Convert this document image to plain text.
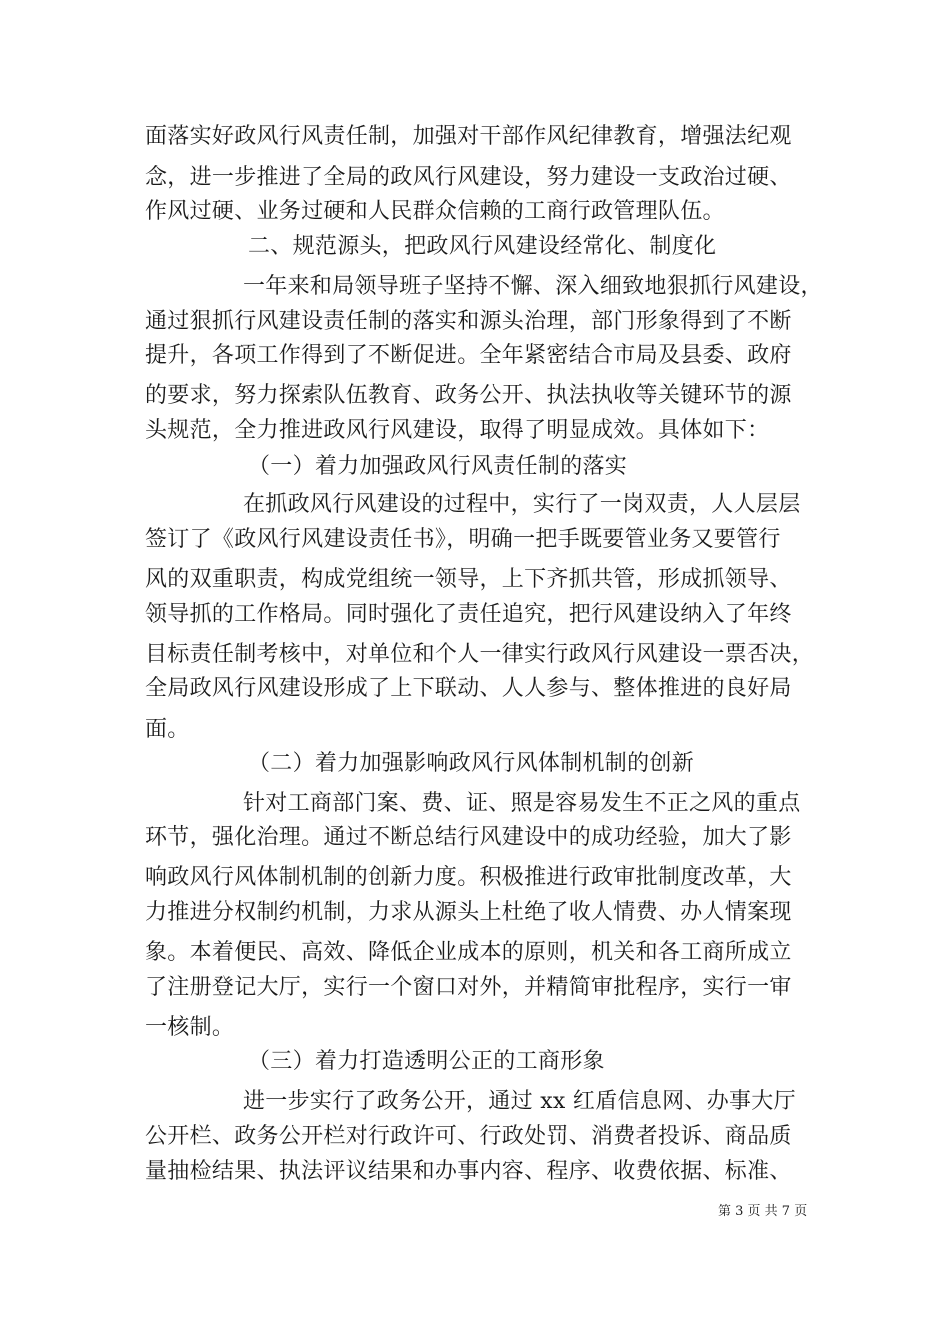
面落实好政风行风责任制，加强对干部作风纪律教育，增强法纪观
念，进一步推进了全局的政风行风建设，努力建设一支政治过硬、
作风过硬、业务过硬和人民群众信赖的工商行政管理队伍。
二、规范源头，把政风行风建设经常化、制度化
一年来和局领导班子坚持不懈、深入细致地狠抓行风建设，
通过狠抓行风建设责任制的落实和源头治理，部门形象得到了不断
提升，各项工作得到了不断促进。全年紧密结合市局及县委、政府
的要求，努力探索队伍教育、政务公开、执法执收等关键环节的源
头规范，全力推进政风行风建设，取得了明显成效。具体如下：
（一）着力加强政风行风责任制的落实
在抓政风行风建设的过程中，实行了一岗双责，人人层层
签订了《政风行风建设责任书》，明确一把手既要管业务又要管行
风的双重职责，构成党组统一领导，上下齐抓共管，形成抓领导、
领导抓的工作格局。同时强化了责任追究，把行风建设纳入了年终
目标责任制考核中，对单位和个人一律实行政风行风建设一票否决，
全局政风行风建设形成了上下联动、人人参与、整体推进的良好局
面。
（二）着力加强影响政风行风体制机制的创新
针对工商部门案、费、证、照是容易发生不正之风的重点
环节，强化治理。通过不断总结行风建设中的成功经验，加大了影
响政风行风体制机制的创新力度。积极推进行政审批制度改革，大
力推进分权制约机制，力求从源头上杜绝了收人情费、办人情案现
象。本着便民、高效、降低企业成本的原则，机关和各工商所成立
了注册登记大厅，实行一个窗口对外，并精简审批程序，实行一审
一核制。
（三）着力打造透明公正的工商形象
进一步实行了政务公开，通过 xx 红盾信息网、办事大厅
公开栏、政务公开栏对行政许可、行政处罚、消费者投诉、商品质
量抽检结果、执法评议结果和办事内容、程序、收费依据、标准、
第 3 页 共 7 页
